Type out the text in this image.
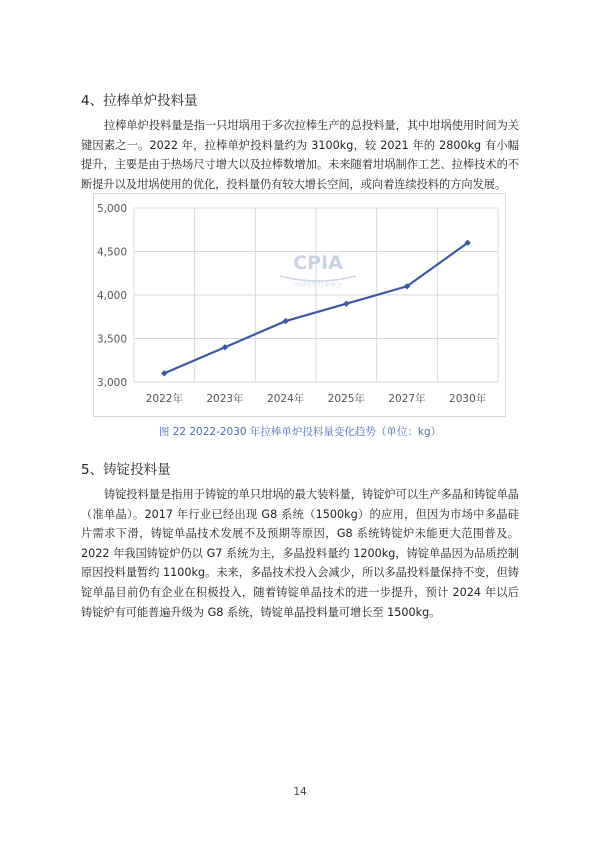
4、拉棒单炉投料量

拉棒单炉投料量是指一只坩埚用于多次拉棒生产的总投料量，其中坩埚使用时间为关键因素之一。2022 年，拉棒单炉投料量约为 3100kg，较 2021 年的 2800kg 有小幅提升，主要是由于热场尺寸增大以及拉棒数增加。未来随着坩埚制作工艺、拉棒技术的不断提升以及坩埚使用的优化，投料量仍有较大增长空间，或向着连续投料的方向发展。

CPIA
中国光伏行业协会
3,000
3,500
4,000
4,500
5,000
2022年 2023年 2024年 2025年 2027年 2030年
图 22 2022-2030 年拉棒单炉投料量变化趋势（单位：kg）
5、铸锭投料量

铸锭投料量是指用于铸锭的单只坩埚的最大装料量，铸锭炉可以生产多晶和铸锭单晶（准单晶）。2017 年行业已经出现 G8 系统（1500kg）的应用，但因为市场中多晶硅片需求下滑，铸锭单晶技术发展不及预期等原因，G8 系统铸锭炉未能更大范围普及。2022 年我国铸锭炉仍以 G7 系统为主，多晶投料量约 1200kg，铸锭单晶因为品质控制原因投料量暂约 1100kg。未来，多晶技术投入会减少，所以多晶投料量保持不变，但铸锭单晶目前仍有企业在积极投入，随着铸锭单晶技术的进一步提升，预计 2024 年以后铸锭炉有可能普遍升级为 G8 系统，铸锭单晶投料量可增长至 1500kg。

14
